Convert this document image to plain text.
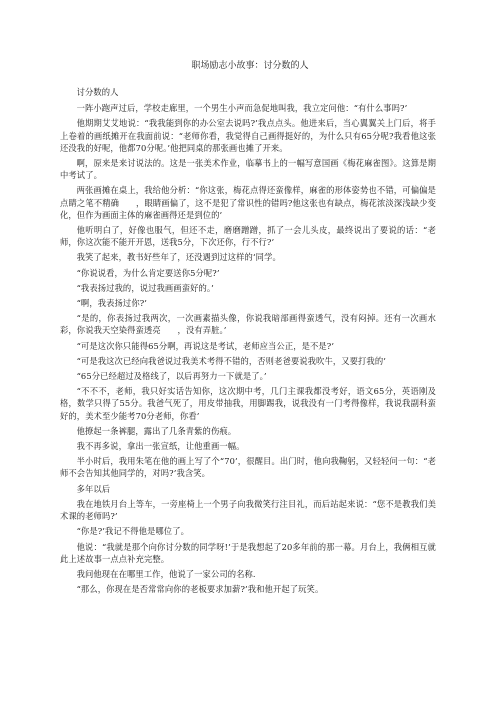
职场励志小故事：讨分数的人

讨分数的人

一阵小跑声过后，学校走廊里，一个男生小声而急促地叫我，我立定问他：“有什么事吗?’

他期期艾艾地说：“我我能到你的办公室去说吗?’我点点头。他进来后，当心翼翼关上门后，将手上卷着的画纸摊开在我面前说：“老师你看，我觉得自己画得挺好的，为什么只有65分呢?我看他这张还没我的好呢，他都70分呢。’他把同桌的那张画也摊了开来。

啊，原来是来讨说法的。这是一张美术作业，临摹书上的一幅写意国画《梅花麻雀图》。这算是期中考试了。

两张画摊在桌上，我给他分析：“你这张，梅花点得还蛮像样，麻雀的形体姿势也不错，可偏偏是点睛之笔不精确　　，眼睛画偏了，这不是犯了常识性的错吗?他这张也有缺点，梅花浓淡深浅缺少变化，但作为画面主体的麻雀画得还是到位的’

他听明白了，好像也服气，但还不走，磨磨蹭蹭，抓了一会儿头皮，最终说出了要说的话：“老师，你这次能不能开开恩，送我5分，下次还你，行不行?’

我笑了起来，教书好些年了，还没遇到过这样的‘同学。

“你说说看，为什么肯定要送你5分呢?’

“我表扬过我的，说过我画画蛮好的。’

“啊，我表扬过你?’

“是的，你表扬过我两次，一次画素描头像，你说我暗部画得蛮透气，没有闷掉。还有一次画水彩，你说我天空染得蛮透亮　　，没有弄脏。’

“可是这次你只能得65分啊，再说这是考试，老师应当公正，是不是?’

“可是我这次已经向我爸说过我美术考得不错的，否则老爸要说我吹牛，又要打我的’

“65分已经超过及格线了，以后再努力一下就是了。’

“不不不，老师，我只好实话告知你，这次期中考，几门主课我都没考好，语文65分，英语刚及格，数学只得了55分。我爸气死了，用皮带抽我，用脚踢我，说我没有一门考得像样，我说我副科蛮好的，美术至少能考70分老师，你看’

他撩起一条裤腿，露出了几条青紫的伤痕。

我不再多说，拿出一张宣纸，让他重画一幅。

半小时后，我用朱笔在他的画上写了个“70’，很醒目。出门时，他向我鞠躬，又轻轻问一句：“老师不会告知其他同学的，对吗?’我含笑。

多年以后

我在地铁月台上等车，一旁座椅上一个男子向我微笑行注目礼，而后站起来说：“您不是教我们美术课的老师吗?’

“你是?’我记不得他是哪位了。

他说：“我就是那个向你讨分数的同学呀!’于是我想起了20多年前的那一幕。月台上，我俩相互就此上述故事一点点补充完整。

我问他现在在哪里工作，他说了一家公司的名称.

“那么，你现在是否常常向你的老板要求加薪?’我和他开起了玩笑。
